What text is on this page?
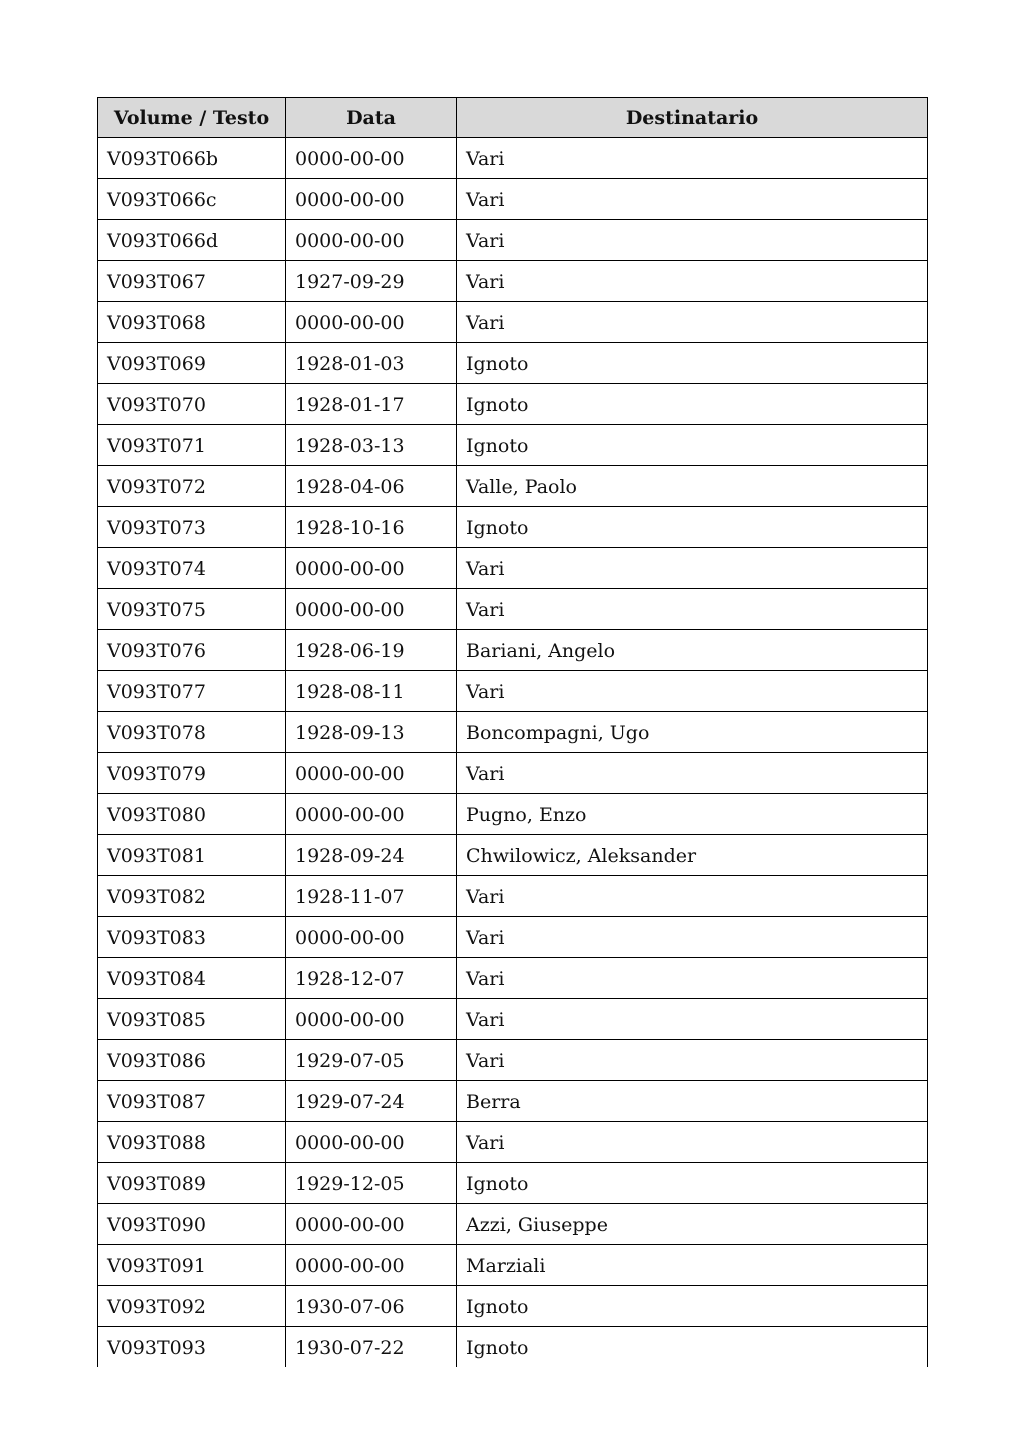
Volume / Testo	Data	Destinatario
V093T066b	0000-00-00	Vari
V093T066c	0000-00-00	Vari
V093T066d	0000-00-00	Vari
V093T067	1927-09-29	Vari
V093T068	0000-00-00	Vari
V093T069	1928-01-03	Ignoto
V093T070	1928-01-17	Ignoto
V093T071	1928-03-13	Ignoto
V093T072	1928-04-06	Valle, Paolo
V093T073	1928-10-16	Ignoto
V093T074	0000-00-00	Vari
V093T075	0000-00-00	Vari
V093T076	1928-06-19	Bariani, Angelo
V093T077	1928-08-11	Vari
V093T078	1928-09-13	Boncompagni, Ugo
V093T079	0000-00-00	Vari
V093T080	0000-00-00	Pugno, Enzo
V093T081	1928-09-24	Chwilowicz, Aleksander
V093T082	1928-11-07	Vari
V093T083	0000-00-00	Vari
V093T084	1928-12-07	Vari
V093T085	0000-00-00	Vari
V093T086	1929-07-05	Vari
V093T087	1929-07-24	Berra
V093T088	0000-00-00	Vari
V093T089	1929-12-05	Ignoto
V093T090	0000-00-00	Azzi, Giuseppe
V093T091	0000-00-00	Marziali
V093T092	1930-07-06	Ignoto
V093T093	1930-07-22	Ignoto
